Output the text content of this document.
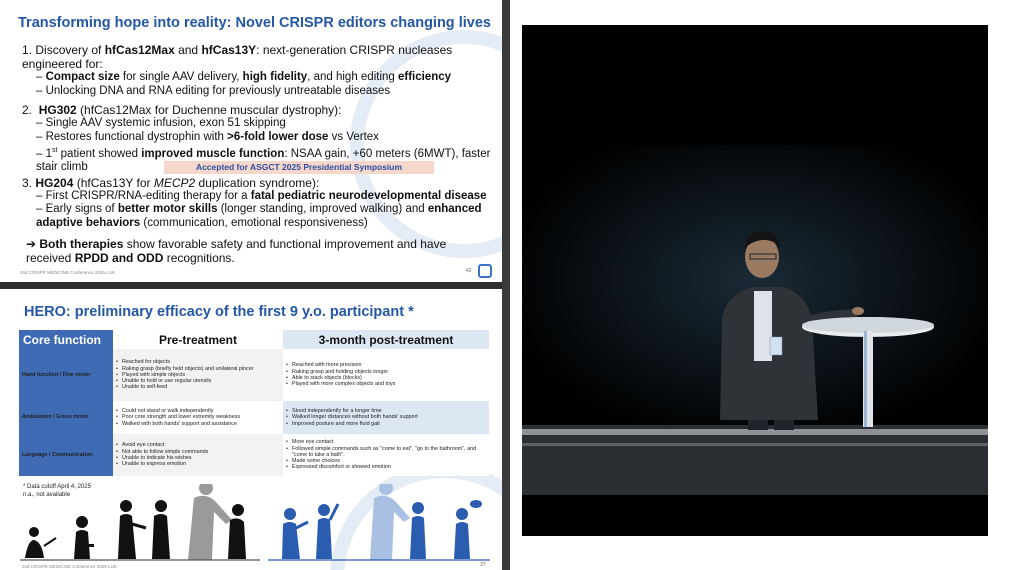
Transforming hope into reality: Novel CRISPR editors changing lives
1. Discovery of hfCas12Max and hfCas13Y: next-generation CRISPR nucleases engineered for:
– Compact size for single AAV delivery, high fidelity, and high editing efficiency
– Unlocking DNA and RNA editing for previously untreatable diseases
2. HG302 (hfCas12Max for Duchenne muscular dystrophy):
– Single AAV systemic infusion, exon 51 skipping
– Restores functional dystrophin with >6-fold lower dose vs Vertex
– 1st patient showed improved muscle function: NSAA gain, +60 meters (6MWT), faster stair climb
3. HG204 (hfCas13Y for MECP2 duplication syndrome):
– First CRISPR/RNA-editing therapy for a fatal pediatric neurodevelopmental disease
– Early signs of better motor skills (longer standing, improved walking) and enhanced adaptive behaviors (communication, emotional responsiveness)
➔ Both therapies show favorable safety and functional improvement and have received RPDD and ODD recognitions.
Accepted for ASGCT 2025 Presidential Symposium
2nd CRISPR MEDICINE Conference 2025-LUK	42
HERO: preliminary efficacy of the first 9 y.o. participant *
Core function	Pre-treatment	3-month post-treatment
Hand function / Fine motor	• Reached for objects
• Raking grasp (briefly held objects) and unilateral pincer
• Played with simple objects
• Unable to hold or use regular utensils
• Unable to self-feed	• Reached with more precision
• Raking grasp and holding objects longer
• Able to stack objects (blocks)
• Played with more complex objects and toys

Ambulation / Gross motor	• Could not stand or walk independently
• Poor core strength and lower extremity weakness
• Walked with both hands' support and assistance	• Stood independently for a longer time
• Walked longer distances without both hands' support
• Improved posture and more fluid gait

Language / Communication	• Avoid eye contact
• Not able to follow simple commands
• Unable to indicate his wishes
• Unable to express emotion	• More eye contact
• Followed simple commands such as "come to eat", "go to the bathroom", and "come to take a bath".
• Made some choices
• Expressed discomfort or showed emotion
* Data cutoff April 4, 2025
n.a., not available
2nd CRISPR MEDICINE Conference 2025-LUK	37
